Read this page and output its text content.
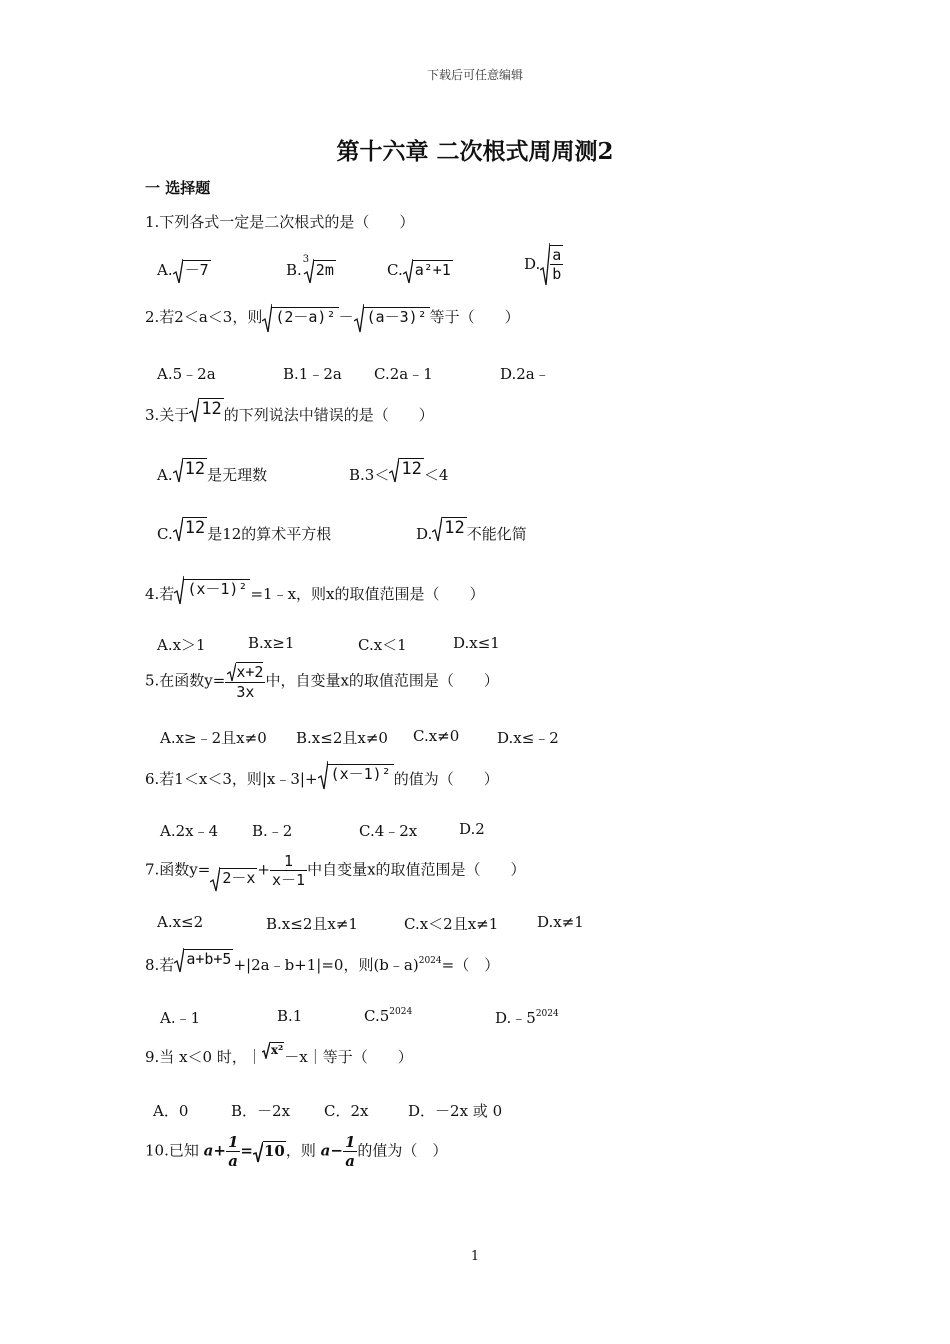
下载后可任意编辑
第十六章 二次根式周周测2
一 选择题
1.下列各式一定是二次根式的是（　　）
A. －7	B.
3
2m	C. a²+1	D. $\frac{a}{b}$
2.若2＜a＜3，则 (2－a)² － (a－3)² 等于（　　）
A.5﹣2a	B.1﹣2a C.2a﹣1	D.2a﹣
3.关于 12 的下列说法中错误的是（　　）
A. 12 是无理数	B.3＜ 12 ＜4
C. 12 是12的算术平方根	D. 12 不能化简
4.若 (x－1)² =1﹣x，则x的取值范围是（　　）
A.x＞1	B.x≥1	C.x＜1	D.x≤1
5.在函数$y= \frac{x+2}{3x}$ 中，自变量x的取值范围是（　　）
A.x≥﹣2且x≠0 B.x≤2且x≠0 C.x≠0	D.x≤﹣2
6.若1＜x＜3，则|x﹣3|+ (x－1)² 的值为（　　）
A.2x﹣4 B.﹣2	C.4﹣2x	D.2
7.函数$y= 2-x + \frac{1}{x-1}$ 中自变量x的取值范围是（　　）
A.x≤2	B.x≤2且x≠1	C.x＜2且x≠1	D.x≠1
8.若 a+b+5 +|2a﹣b+1|=0，则(b﹣a)$^{2024}$=（　）
A.﹣1	B.1	$C.5^{2024}$	$D.﹣5^{2024}$
9.当 x＜0 时，｜ x²－x｜等于（　　）
A．0	B．－2x C．2x	D．－2x 或 0
10.已知 $a+ \frac{1}{a} = 10$，则 $a- \frac{1}{a}$ 的值为（　）
1
